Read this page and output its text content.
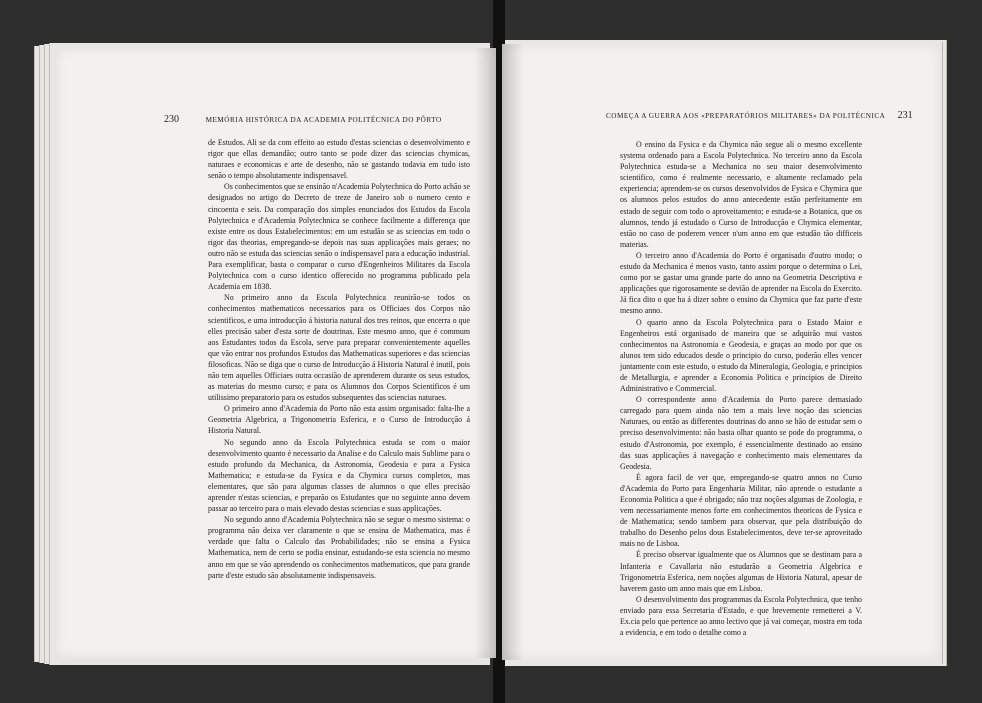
230	MEMÓRIA HISTÓRICA DA ACADEMIA POLITÉCNICA DO PÔRTO

de Estudos. Ali se da com effeito ao estudo d'estas sciencias o desenvolvimento e rigor que ellas demandão; outro tanto se pode dizer das sciencias chymicas, naturaes e economicas e arte de desenho, não se gastando todavia em tudo isto senão o tempo absolutamente indispensavel.

Os conhecimentos que se ensinão n'Academia Polytechnica do Porto achão se designados no artigo do Decreto de treze de Janeiro sob o numero cento e cincoenta e seis. Da comparação dos simples enunciados dos Estudos da Escola Polytechnica e d'Academia Polytechnica se conhece facilmente a differença que existe entre os dous Estabelecimentos: em um estudão se as sciencias em todo o rigor das theorias, empregando-se depois nas suas applicações mais geraes; no outro não se estuda das sciencias senão o indispensavel para a educação industrial. Para exemplificar, basta o comparar o curso d'Engenheiros Militares da Escola Polytechnica com o curso identico offerecido no programma publicado pela Academia em 1838.

No primeiro anno da Escola Polytechnica reunirão-se todos os conhecimentos mathematicos necessarios para os Officiaes dos Corpos não scientificos, e uma introducção á historia natural dos tres reinos, que encerra o que elles precisão saber d'esta sorte de doutrinas. Este mesmo anno, que é commum aos Estudantes todos da Escola, serve para preparar convenientemente aquelles que vão entrar nos profundos Estudos das Mathematicas superiores e das sciencias filosoficas. Não se diga que o curso de Introducção á Historia Natural é inutil, pois não tem aquelles Officiaes outra occasião de aprenderem durante os seus estudos, as materias do mesmo curso; e para os Alumnos dos Corpos Scientificos é um utilissimo preparatorio para os estudos subsequentes das sciencias naturaes.

O primeiro anno d'Academia do Porto não esta assim organisado: falta-lhe a Geometria Algebrica, a Trigonometria Esferica, e o Curso de Introducção á Historia Natural.

No segundo anno da Escola Polytechnica estuda se com o maior desenvolvimento quanto é necessario da Analise e do Calculo mais Sublime para o estudo profundo da Mechanica, da Astronomia, Geodesia e para a Fysica Mathematica; e estuda-se da Fysica e da Chymica cursos completos, mas elementares, que são para algumas classes de alumnos o que elles precisão aprender n'estas sciencias, e preparão os Estudantes que no seguinte anno devem passar ao terceiro para o mais elevado destas sciencias e suas applicações.

No segundo anno d'Academia Polytechnica não se segue o mesmo sistema: o programma não deixa ver claramente o que se ensina de Mathematica, mas é verdade que falta o Calculo das Probabilidades; não se ensina a Fysica Mathematica, nem de certo se podia ensinar, estudando-se esta sciencia no mesmo anno em que se vão aprendendo os conhecimentos mathematicos, que para grande parte d'este estudo são absolutamente indispensaveis.

COMEÇA A GUERRA AOS «PREPARATÓRIOS MILITARES» DA POLITÉCNICA 231

O ensino da Fysica e da Chymica não segue ali o mesmo excellente systema ordenado para a Escola Polytechnica. No terceiro anno da Escola Polytechnica estuda-se a Mechanica no seu maior desenvolvimento scientifico, como é realmente necessario, e altamente reclamado pela experiencia; aprendem-se os cursos desenvolvidos de Fysica e Chymica que os alumnos pelos estudos do anno antecedente estão perfeitamente em estado de seguir com todo o aproveitamento; e estuda-se a Botanica, que os alumnos, tendo já estudado o Curso de Introducção e Chymica elementar, estão no caso de poderem vencer n'um anno em que estudão tão difficeis materias.

O terceiro anno d'Academia do Porto é organisado d'outro modo; o estudo da Mechanica é menos vasto, tanto assim porque o determina o Lei, como por se gastar uma grande parte do anno na Geometria Descriptiva e applicações que rigorosamente se devião de aprender na Escola do Exercito. Já fica dito o que ha á dizer sobre o ensino da Chymica que faz parte d'este mesmo anno.

O quarto anno da Escola Polytechnica para o Estado Maior e Engenheiros está organisado de maneira que se adquirão mui vastos conhecimentos na Astronomia e Geodesia, e graças ao modo por que os alunos tem sido educados desde o principio do curso, poderão elles vencer juntamente com este estudo, o estudo da Mineralogia, Geologia, e principios de Metallurgia, e aprender a Economia Politica e principios de Direito Administrativo e Commercial.

O correspondente anno d'Academia do Porto parece demasiado carregado para quem ainda não tem a mais leve noção das sciencias Naturaes, ou então as differentes doutrinas do anno se hão de estudar sem o preciso desenvolvimento: não basta olhar quanto se pode do programma, o estudo d'Astronomia, por exemplo, é essencialmente destinado ao ensino das suas applicações á navegação e conhecimento mais elementares da Geodesia.

É agora facil de ver que, empregando-se quatro annos no Curso d'Academia do Porto para Engenharia Militar, não aprende o estudante a Economia Politica a que é obrigado; não traz noções algumas de Zoologia, e vem necessariamente menos forte em conhecimentos theoricos de Fysica e de Mathematica; sendo tambem para observar, que pela distribuição do trabalho do Desenho pelos dous Estabelecimentos, deve ter-se aproveitado mais no de Lisboa.

É preciso observar igualmente que os Alumnos que se destinam para a Infanteria e Cavallaria não estudarão a Geometria Algebrica e Trigonometria Esferica, nem noções algumas de Historia Natural, apesar de haverem gasto um anno mais que em Lisboa.

O desenvolvimento dos programmas da Escola Polytechnica, que tenho enviado para essa Secretaria d'Estado, e que brevemente remetterei a V. Ex.cia pelo que pertence ao anno lectivo que já vai começar, mostra em toda a evidencia, e em todo o detalhe como a
